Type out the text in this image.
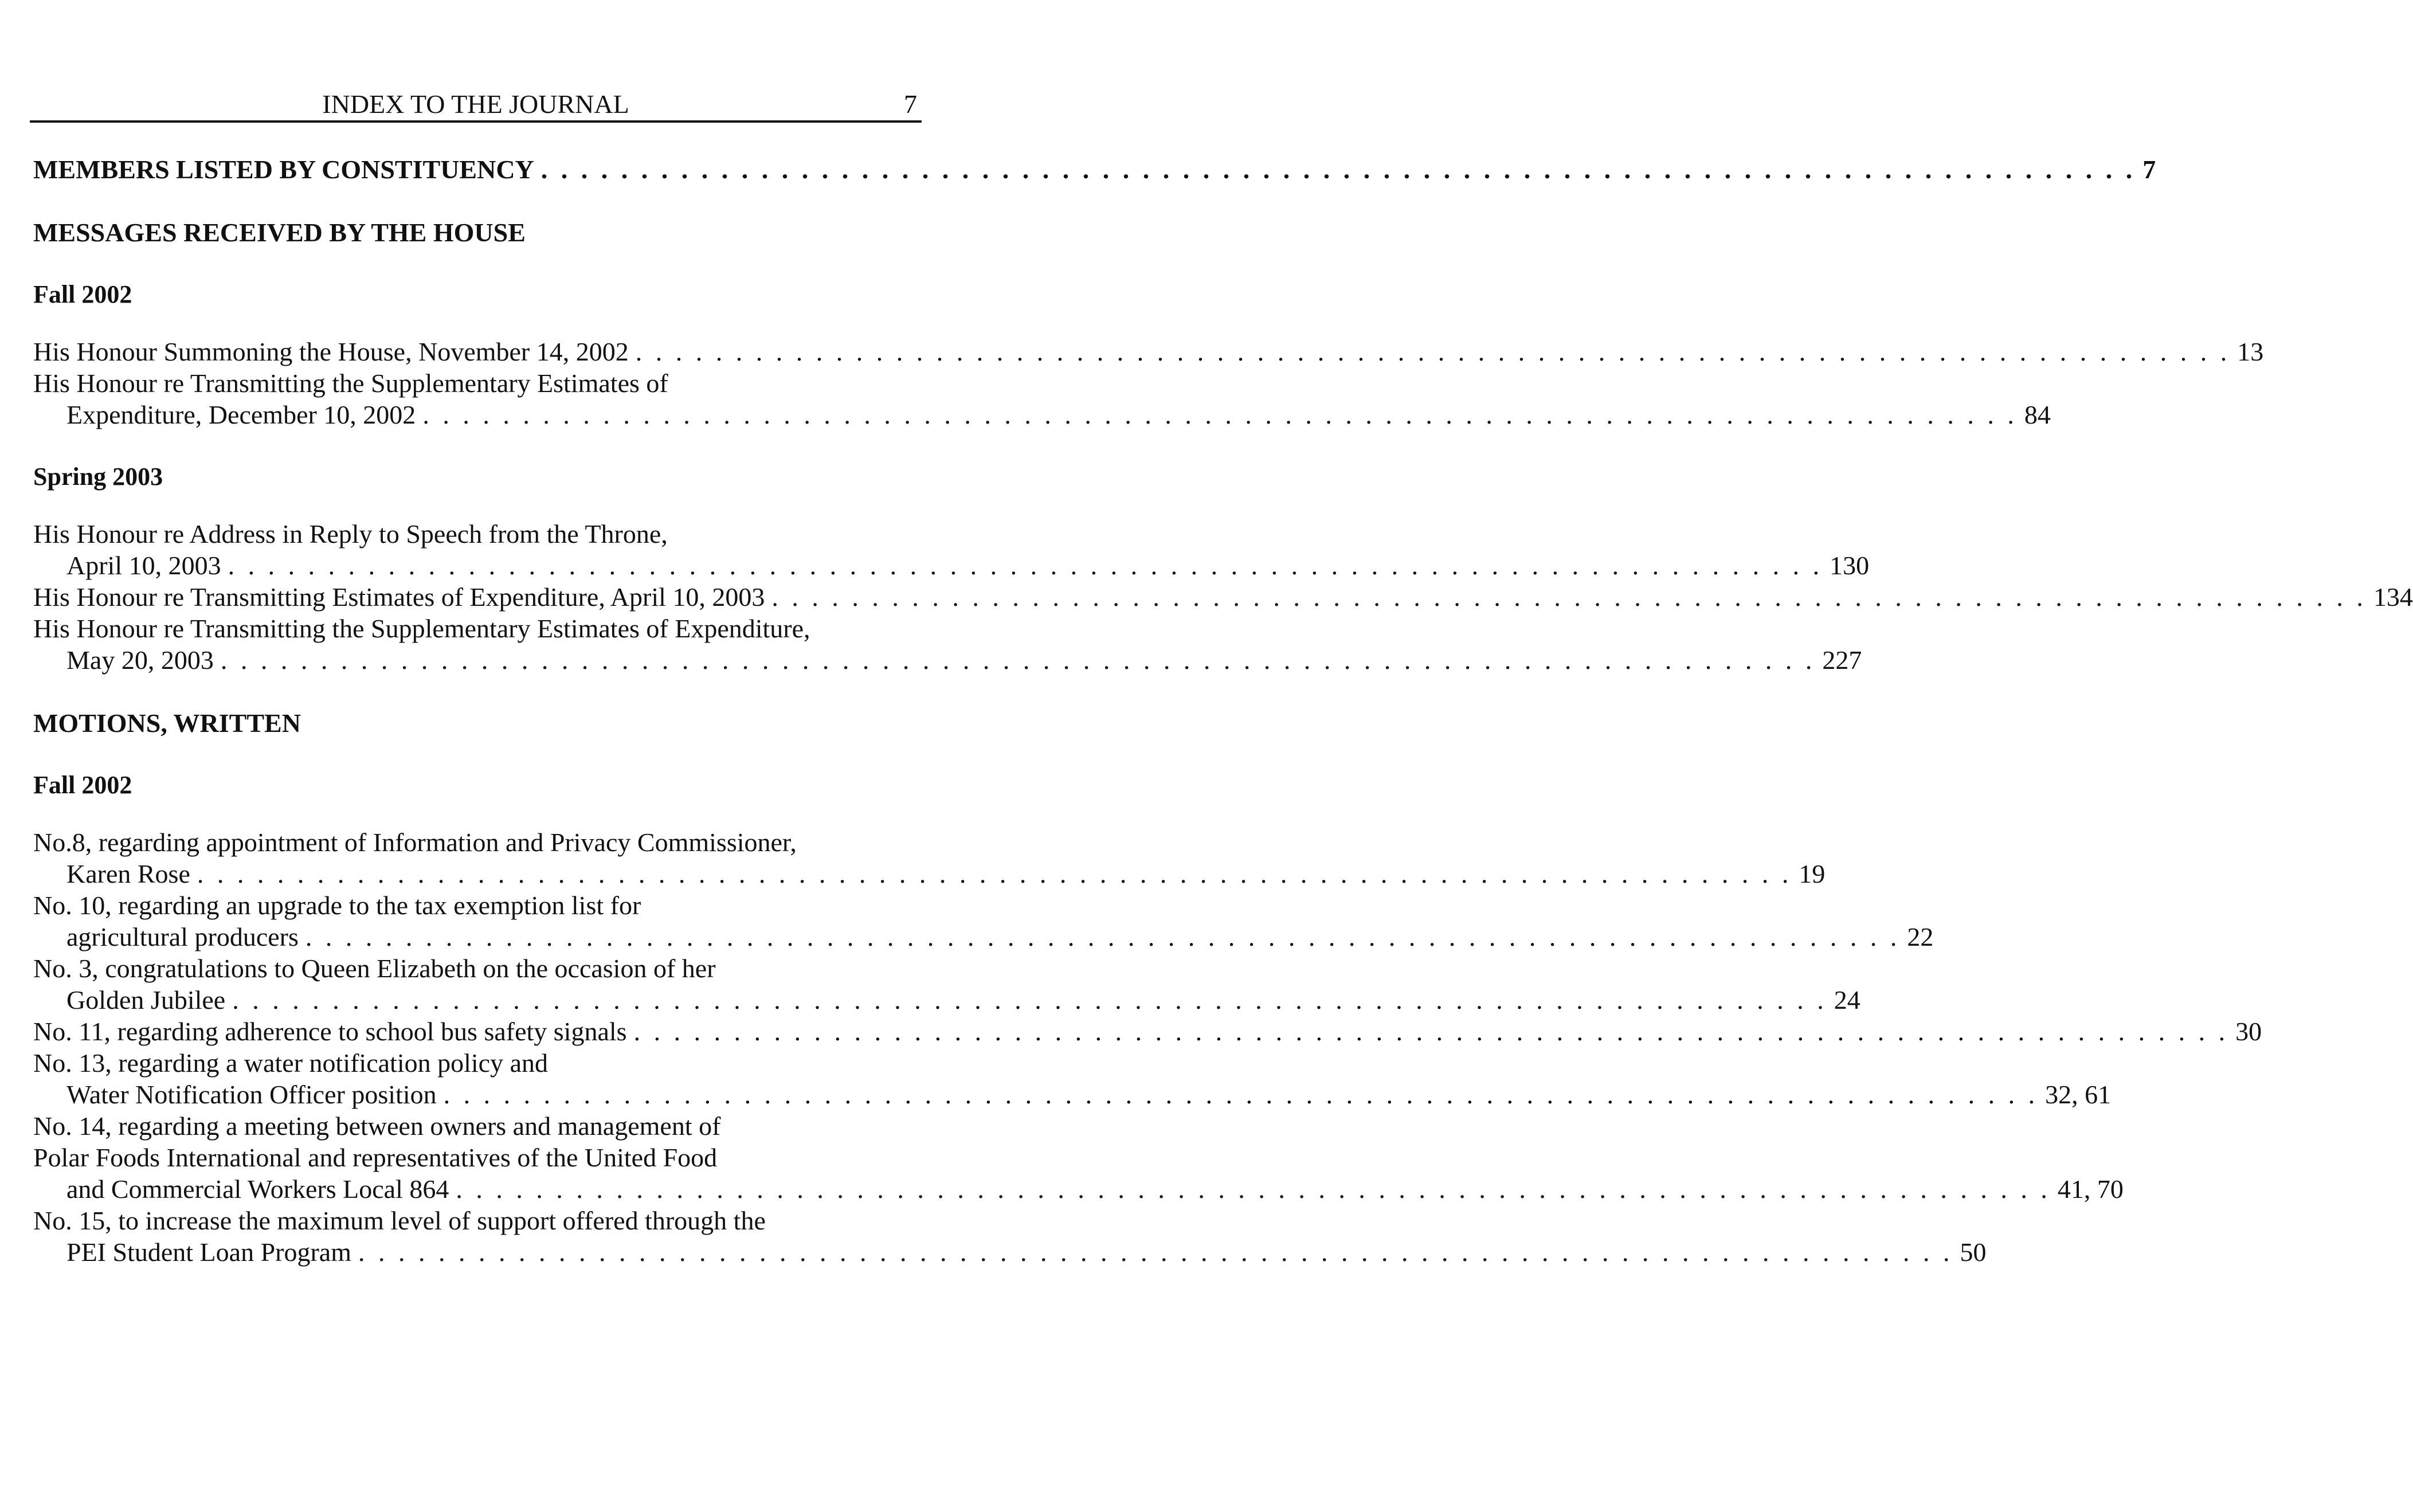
INDEX TO THE JOURNAL	7
MEMBERS LISTED BY CONSTITUENCY . . . . . . . . . . . . . . . . . . . . . . . . . . . . . . . . . . . . . . . . . . . . . . . . . . . . . . . . . . . . . . . . . . . . . . . . . . . . . . . . 7
MESSAGES RECEIVED BY THE HOUSE
Fall 2002
His Honour Summoning the House, November 14, 2002 . . . . . . . . . . . . . . . . . . . . . . . . . . . . . . . . . . . . . . . . . . . . . . . . . . . . . . . . . . . . . . . . . . . . . . . . . . . . . . . . 13
His Honour re Transmitting the Supplementary Estimates of
Expenditure, December 10, 2002 . . . . . . . . . . . . . . . . . . . . . . . . . . . . . . . . . . . . . . . . . . . . . . . . . . . . . . . . . . . . . . . . . . . . . . . . . . . . . . . . 84
Spring 2003
His Honour re Address in Reply to Speech from the Throne,
April 10, 2003 . . . . . . . . . . . . . . . . . . . . . . . . . . . . . . . . . . . . . . . . . . . . . . . . . . . . . . . . . . . . . . . . . . . . . . . . . . . . . . . . 130
His Honour re Transmitting Estimates of Expenditure, April 10, 2003 . . . . . . . . . . . . . . . . . . . . . . . . . . . . . . . . . . . . . . . . . . . . . . . . . . . . . . . . . . . . . . . . . . . . . . . . . . . . . . . . 134
His Honour re Transmitting the Supplementary Estimates of Expenditure,
May 20, 2003 . . . . . . . . . . . . . . . . . . . . . . . . . . . . . . . . . . . . . . . . . . . . . . . . . . . . . . . . . . . . . . . . . . . . . . . . . . . . . . . . 227
MOTIONS, WRITTEN
Fall 2002
No.8, regarding appointment of Information and Privacy Commissioner,
Karen Rose . . . . . . . . . . . . . . . . . . . . . . . . . . . . . . . . . . . . . . . . . . . . . . . . . . . . . . . . . . . . . . . . . . . . . . . . . . . . . . . . 19
No. 10, regarding an upgrade to the tax exemption list for
agricultural producers . . . . . . . . . . . . . . . . . . . . . . . . . . . . . . . . . . . . . . . . . . . . . . . . . . . . . . . . . . . . . . . . . . . . . . . . . . . . . . . . 22
No. 3, congratulations to Queen Elizabeth on the occasion of her
Golden Jubilee . . . . . . . . . . . . . . . . . . . . . . . . . . . . . . . . . . . . . . . . . . . . . . . . . . . . . . . . . . . . . . . . . . . . . . . . . . . . . . . . 24
No. 11, regarding adherence to school bus safety signals . . . . . . . . . . . . . . . . . . . . . . . . . . . . . . . . . . . . . . . . . . . . . . . . . . . . . . . . . . . . . . . . . . . . . . . . . . . . . . . . 30
No. 13, regarding a water notification policy and
Water Notification Officer position . . . . . . . . . . . . . . . . . . . . . . . . . . . . . . . . . . . . . . . . . . . . . . . . . . . . . . . . . . . . . . . . . . . . . . . . . . . . . . . . 32, 61
No. 14, regarding a meeting between owners and management of
Polar Foods International and representatives of the United Food
and Commercial Workers Local 864 . . . . . . . . . . . . . . . . . . . . . . . . . . . . . . . . . . . . . . . . . . . . . . . . . . . . . . . . . . . . . . . . . . . . . . . . . . . . . . . . 41, 70
No. 15, to increase the maximum level of support offered through the
PEI Student Loan Program . . . . . . . . . . . . . . . . . . . . . . . . . . . . . . . . . . . . . . . . . . . . . . . . . . . . . . . . . . . . . . . . . . . . . . . . . . . . . . . . 50
